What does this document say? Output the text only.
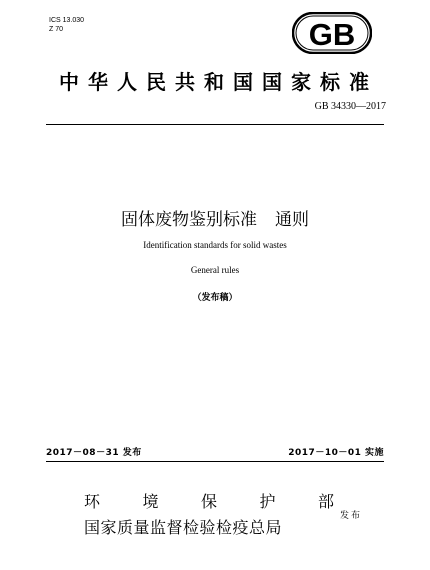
ICS 13.030
Z 70	GB
中华人民共和国国家标准
GB 34330—2017
固体废物鉴别标准 通则
Identification standards for solid wastes
General rules
（发布稿）
2017－08－31 发布	2017－10－01 实施
环	境	保	护	部
国家质量监督检验检疫总局
发布
